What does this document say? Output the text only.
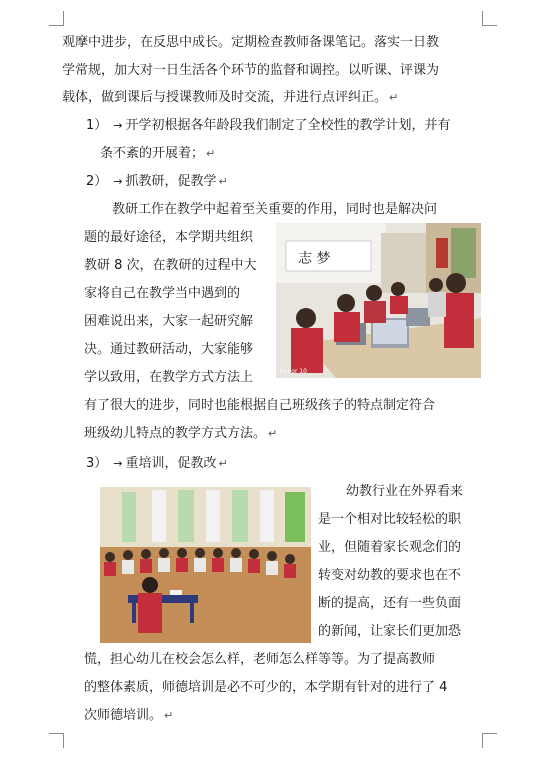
观摩中进步，在反思中成长。定期检查教师备课笔记。落实一日教
学常规，加大对一日生活各个环节的监督和调控。以听课、评课为
载体，做到课后与授课教师及时交流，并进行点评纠正。 ↵
1） → 开学初根据各年龄段我们制定了全校性的教学计划，并有
条不紊的开展着； ↵
2） → 抓教研，促教学 ↵
教研工作在教学中起着至关重要的作用，同时也是解决问
题的最好途径，本学期共组织
教研 8 次，在教研的过程中大
家将自己在教学当中遇到的
困难说出来，大家一起研究解
决。通过教研活动，大家能够
学以致用，在教学方式方法上
有了很大的进步，同时也能根据自己班级孩子的特点制定符合
班级幼儿特点的教学方式方法。 ↵
志 梦
honor 10
3） → 重培训，促教改 ↵
幼教行业在外界看来
是一个相对比较轻松的职
业，但随着家长观念们的
转变对幼教的要求也在不
断的提高，还有一些负面
的新闻，让家长们更加恐
慌，担心幼儿在校会怎么样，老师怎么样等等。为了提高教师
的整体素质，师德培训是必不可少的，本学期有针对的进行了 4
次师德培训。 ↵
